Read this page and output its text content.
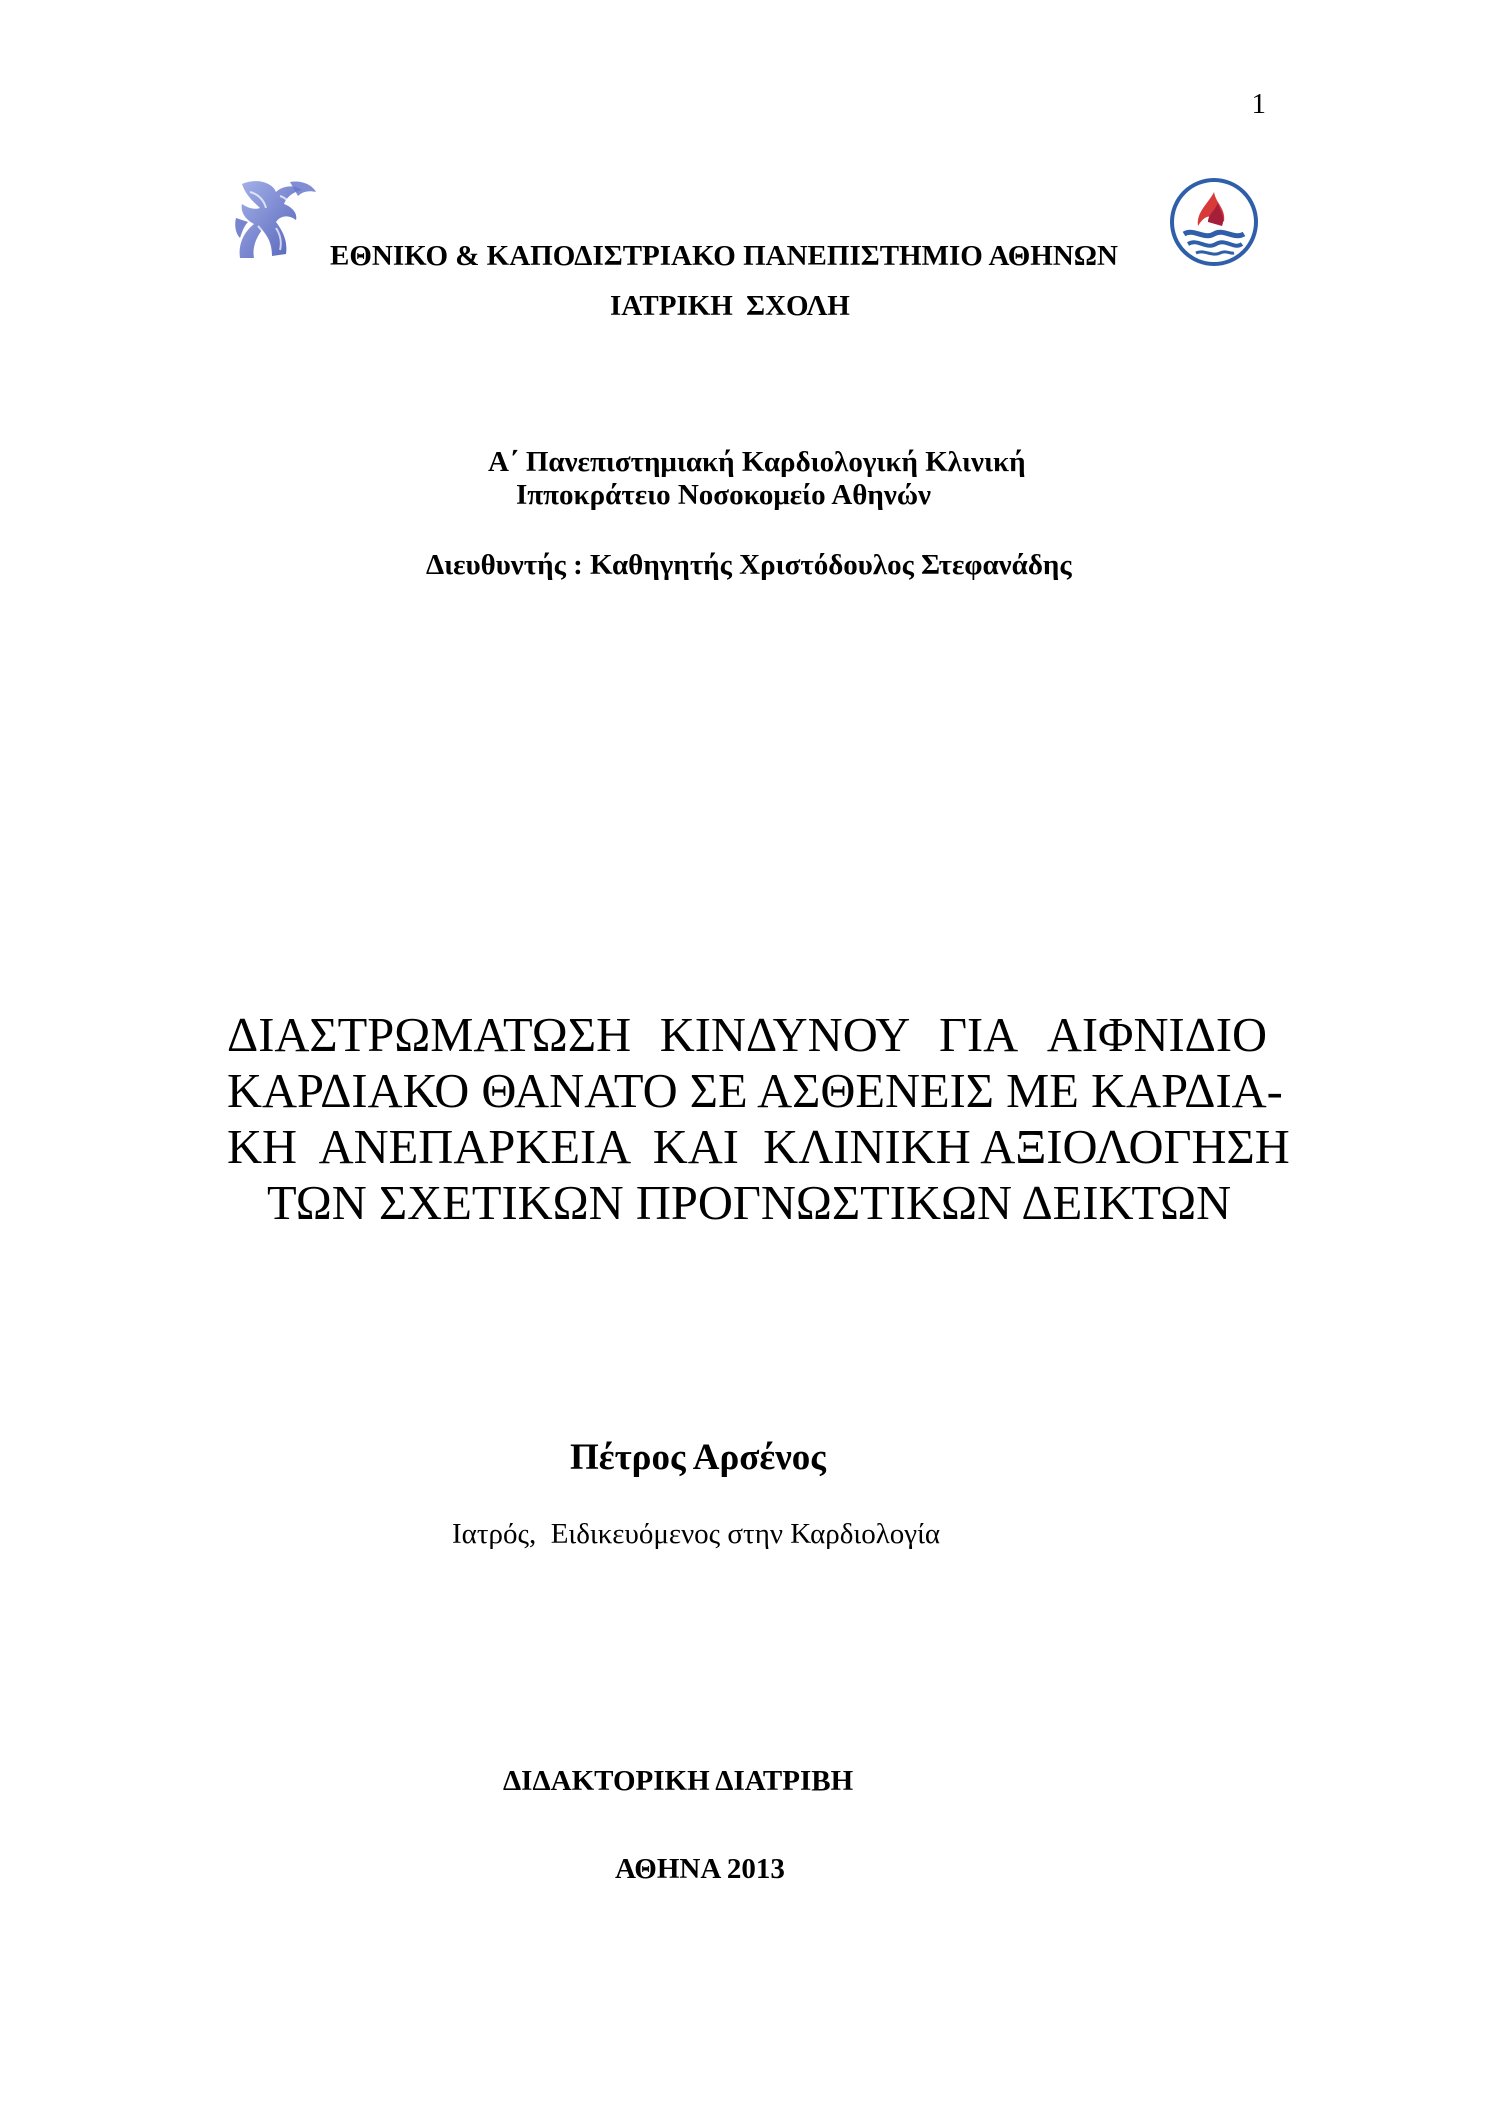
1
ΕΘΝΙΚΟ & ΚΑΠΟΔΙΣΤΡΙΑΚΟ ΠΑΝΕΠΙΣΤΗΜΙΟ ΑΘΗΝΩΝ
ΙΑΤΡΙΚΗ ΣΧΟΛΗ
Α΄ Πανεπιστημιακή Καρδιολογική Κλινική
Ιπποκράτειο Νοσοκομείο Αθηνών
Διευθυντής : Καθηγητής Χριστόδουλος Στεφανάδης
ΔΙΑΣΤΡΩΜΑΤΩΣΗ ΚΙΝΔΥΝΟΥ ΓΙΑ ΑΙΦΝΙΔΙΟ
ΚΑΡΔΙΑΚΟ ΘΑΝΑΤΟ ΣΕ ΑΣΘΕΝΕΙΣ ΜΕ ΚΑΡΔΙΑ-
ΚΗ  ΑΝΕΠΑΡΚΕΙΑ  ΚΑΙ  ΚΛΙΝΙΚΗ ΑΞΙΟΛΟΓΗΣΗ
ΤΩΝ ΣΧΕΤΙΚΩΝ ΠΡΟΓΝΩΣΤΙΚΩΝ ΔΕΙΚΤΩΝ
Πέτρος Αρσένος
Ιατρός,  Ειδικευόμενος στην Καρδιολογία
ΔΙΔΑΚΤΟΡΙΚΗ ΔΙΑΤΡΙΒΗ
ΑΘΗΝΑ 2013
